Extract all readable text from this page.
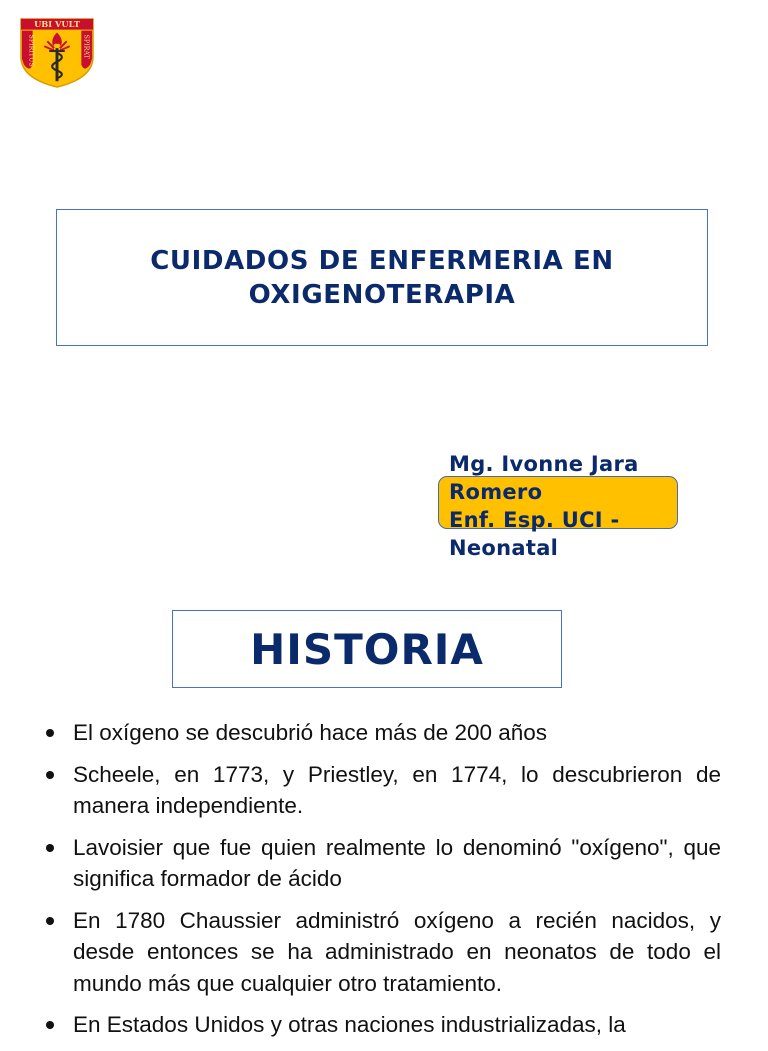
UBI VULT
SPIRITUS	SPIRAT
CUIDADOS DE ENFERMERIA EN
OXIGENOTERAPIA
Mg. Ivonne Jara
Romero
Enf. Esp. UCI -
Neonatal
HISTORIA
El oxígeno se descubrió hace más de 200 años
Scheele, en 1773, y Priestley, en 1774, lo descubrieron de manera independiente.
Lavoisier que fue quien realmente lo denominó "oxígeno", que significa formador de ácido
En 1780 Chaussier administró oxígeno a recién nacidos, y desde entonces se ha administrado en neonatos de todo el mundo más que cualquier otro tratamiento.
En Estados Unidos y otras naciones industrializadas, la
